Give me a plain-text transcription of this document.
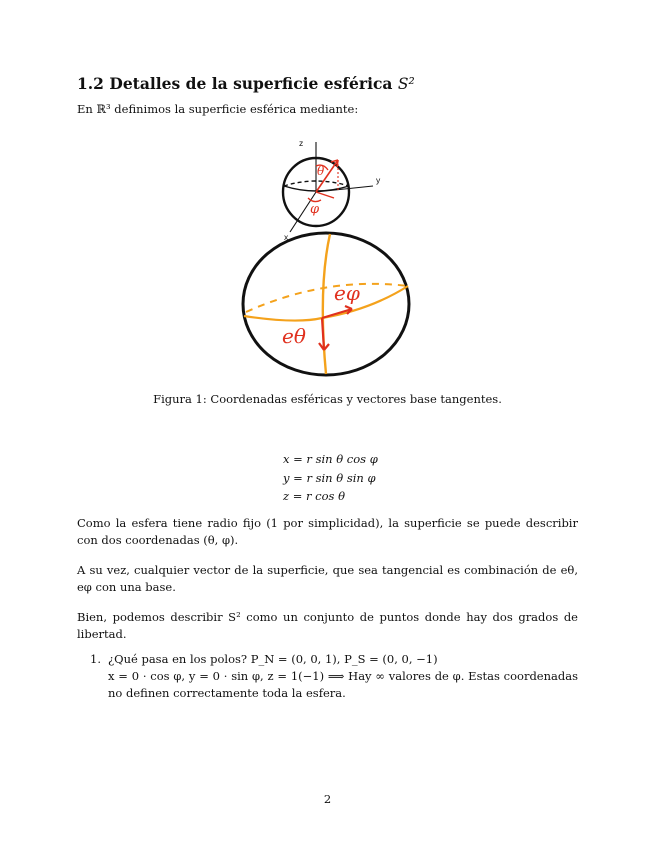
1.2 Detalles de la superficie esférica S²

En ℝ³ definimos la superficie esférica mediante:

z
y
x
θ
φ
eφ
eθ

Figura 1: Coordenadas esféricas y vectores base tangentes.

x = r sin θ cos φ
y = r sin θ sin φ
z = r cos θ

Como la esfera tiene radio fijo (1 por simplicidad), la superficie se puede describir con dos coordenadas (θ, φ).

A su vez, cualquier vector de la superficie, que sea tangencial es combinación de eθ, eφ con una base.

Bien, podemos describir S² como un conjunto de puntos donde hay dos grados de libertad.

1. ¿Qué pasa en los polos? P_N = (0, 0, 1), P_S = (0, 0, −1)
x = 0 · cos φ, y = 0 · sin φ, z = 1(−1) ⟹ Hay ∞ valores de φ. Estas coordenadas no definen correctamente toda la esfera.

2
